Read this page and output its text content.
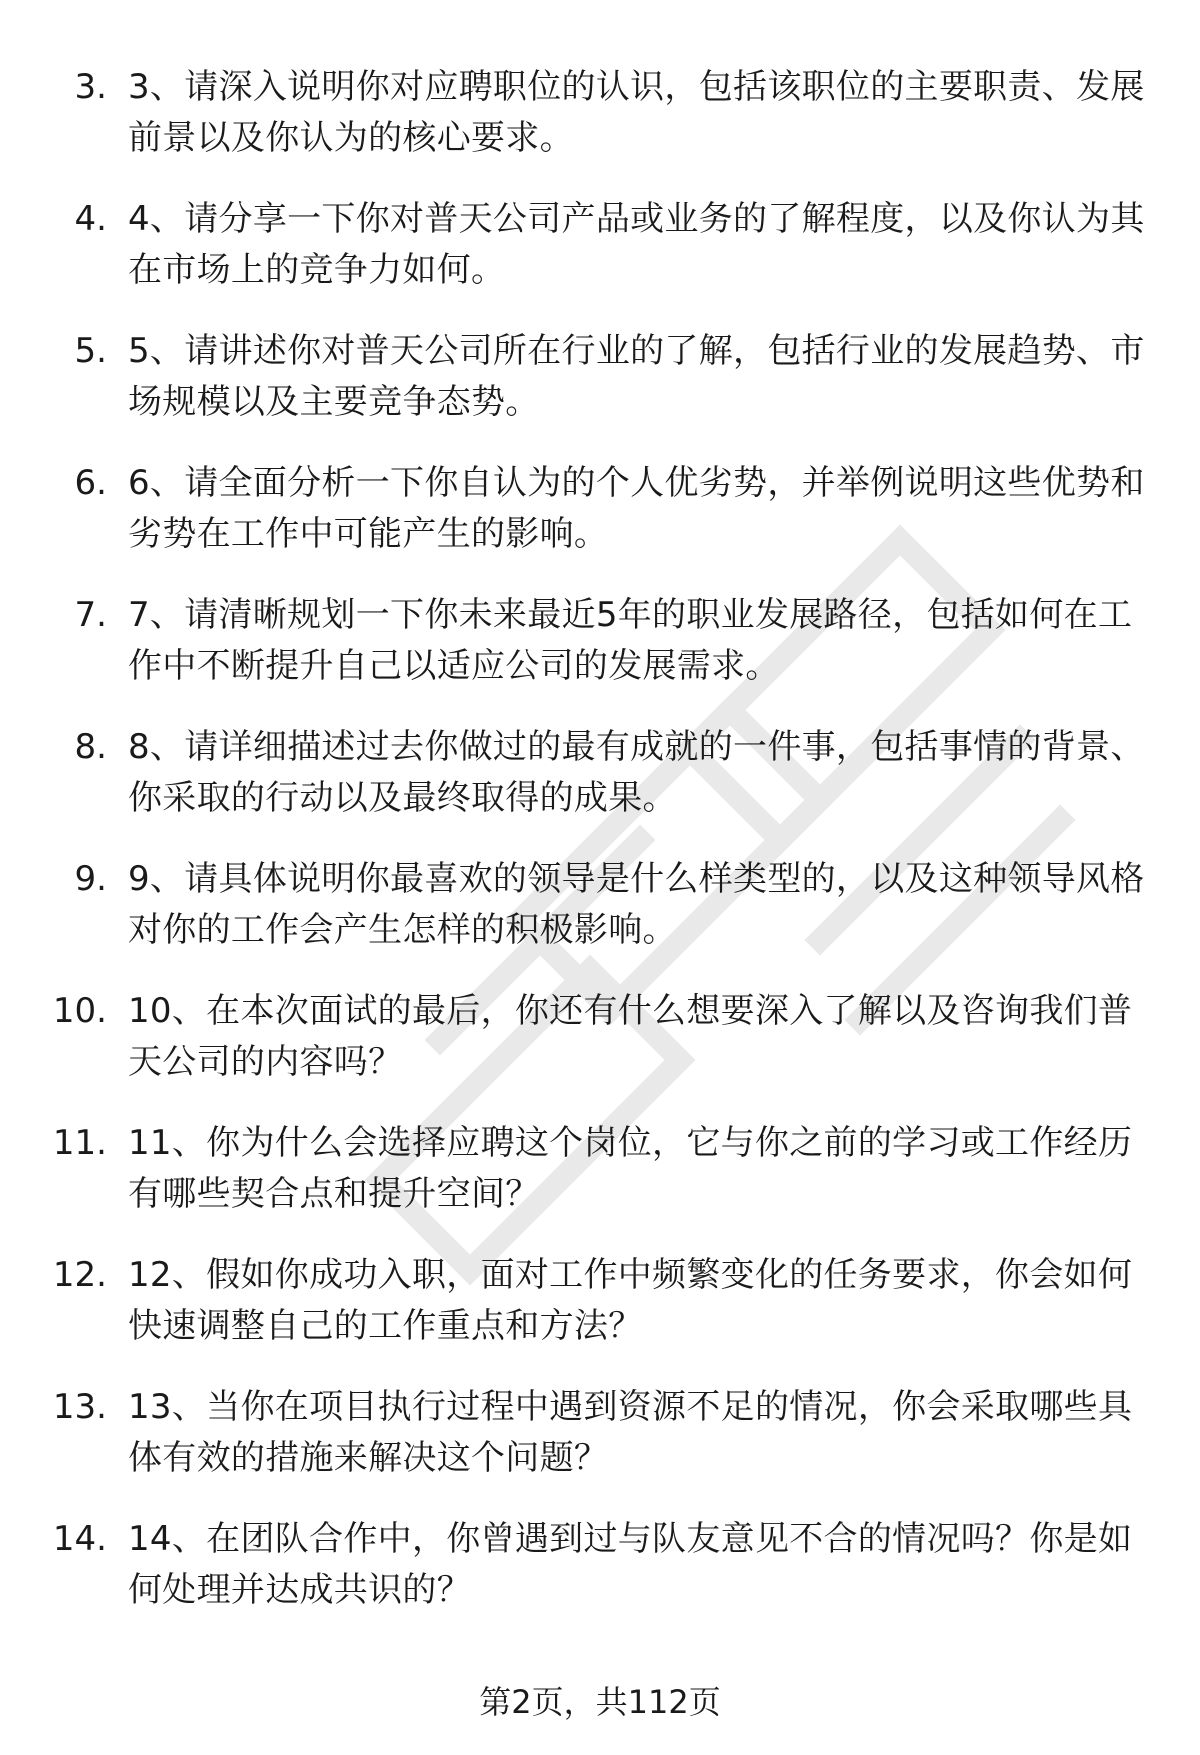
3. 3、请深入说明你对应聘职位的认识，包括该职位的主要职责、发展前景以及你认为的核心要求。
4. 4、请分享一下你对普天公司产品或业务的了解程度，以及你认为其在市场上的竞争力如何。
5. 5、请讲述你对普天公司所在行业的了解，包括行业的发展趋势、市场规模以及主要竞争态势。
6. 6、请全面分析一下你自认为的个人优劣势，并举例说明这些优势和劣势在工作中可能产生的影响。
7. 7、请清晰规划一下你未来最近5年的职业发展路径，包括如何在工作中不断提升自己以适应公司的发展需求。
8. 8、请详细描述过去你做过的最有成就的一件事，包括事情的背景、你采取的行动以及最终取得的成果。
9. 9、请具体说明你最喜欢的领导是什么样类型的，以及这种领导风格对你的工作会产生怎样的积极影响。
10. 10、在本次面试的最后，你还有什么想要深入了解以及咨询我们普天公司的内容吗？
11. 11、你为什么会选择应聘这个岗位，它与你之前的学习或工作经历有哪些契合点和提升空间？
12. 12、假如你成功入职，面对工作中频繁变化的任务要求，你会如何快速调整自己的工作重点和方法？
13. 13、当你在项目执行过程中遇到资源不足的情况，你会采取哪些具体有效的措施来解决这个问题？
14. 14、在团队合作中，你曾遇到过与队友意见不合的情况吗？你是如何处理并达成共识的？
第2页，共112页
